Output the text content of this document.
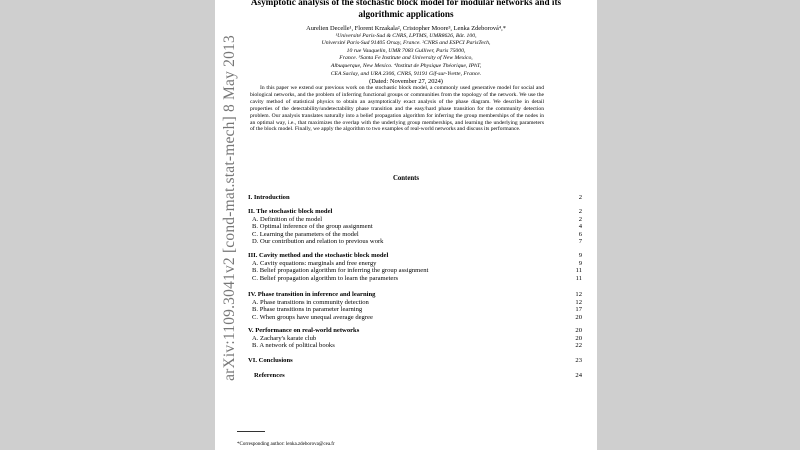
arXiv:1109.3041v2 [cond-mat.stat-mech] 8 May 2013
Asymptotic analysis of the stochastic block model for modular networks and its algorithmic applications
Aurelien Decelle¹, Florent Krzakala², Cristopher Moore³, Lenka Zdeborová⁴,*
¹Université Paris-Sud & CNRS, LPTMS, UMR8626, Bât. 100,
Université Paris-Sud 91405 Orsay, France. ²CNRS and ESPCI ParisTech,
10 rue Vauquelin, UMR 7083 Gulliver, Paris 75000,
France. ³Santa Fe Institute and University of New Mexico,
Albuquerque, New Mexico. ⁴Institut de Physique Théorique, IPhT,
CEA Saclay, and URA 2306, CNRS, 91191 Gif-sur-Yvette, France.
(Dated: November 27, 2024)
In this paper we extend our previous work on the stochastic block model, a commonly used generative model for social and biological networks, and the problem of inferring functional groups or communities from the topology of the network. We use the cavity method of statistical physics to obtain an asymptotically exact analysis of the phase diagram. We describe in detail properties of the detectability/undetectability phase transition and the easy/hard phase transition for the community detection problem. Our analysis translates naturally into a belief propagation algorithm for inferring the group memberships of the nodes in an optimal way, i.e., that maximizes the overlap with the underlying group memberships, and learning the underlying parameters of the block model. Finally, we apply the algorithm to two examples of real-world networks and discuss its performance.
Contents
I. Introduction	2
II. The stochastic block model	2
A. Definition of the model	2
B. Optimal inference of the group assignment	4
C. Learning the parameters of the model	6
D. Our contribution and relation to previous work	7
III. Cavity method and the stochastic block model	9
A. Cavity equations: marginals and free energy	9
B. Belief propagation algorithm for inferring the group assignment	11
C. Belief propagation algorithm to learn the parameters	11
IV. Phase transition in inference and learning	12
A. Phase transitions in community detection	12
B. Phase transitions in parameter learning	17
C. When groups have unequal average degree	20
V. Performance on real-world networks	20
A. Zachary's karate club	20
B. A network of political books	22
VI. Conclusions	23
References	24
*Corresponding author: lenka.zdeborova@cea.fr
